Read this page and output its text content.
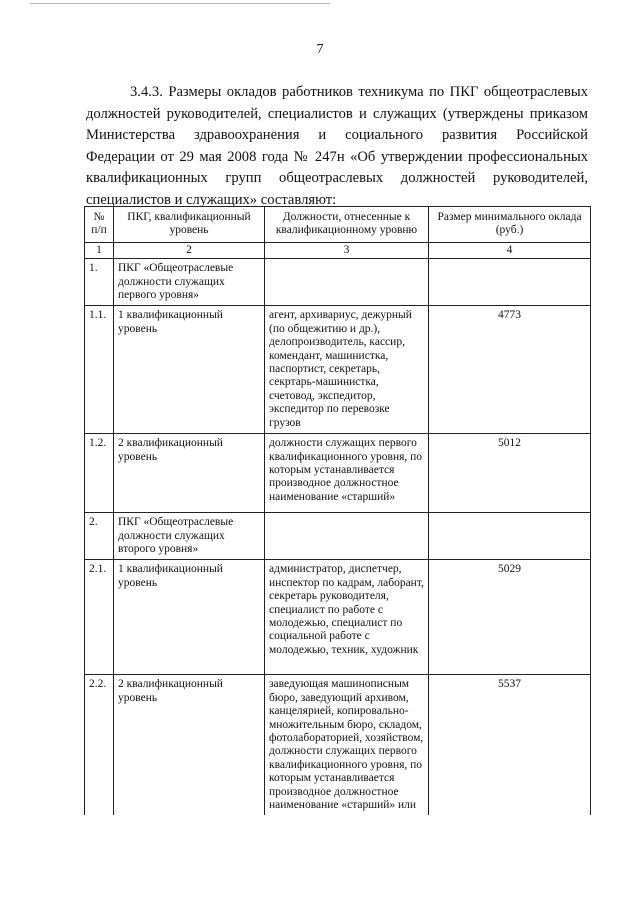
7

3.4.3. Размеры окладов работников техникума по ПКГ общеотраслевых
должностей руководителей, специалистов и служащих (утверждены приказом
Министерства здравоохранения и социального развития Российской
Федерации от 29 мая 2008 года № 247н «Об утверждении профессиональных
квалификационных групп общеотраслевых должностей руководителей,
специалистов и служащих» составляют:

№ п/п	ПКГ, квалификационный уровень	Должности, отнесенные к квалификационному уровню	Размер минимального оклада (руб.)
1	2	3	4
1.	ПКГ «Общеотраслевые должности служащих первого уровня»		
1.1.	1 квалификационный уровень	агент, архивариус, дежурный (по общежитию и др.), делопроизводитель, кассир, комендант, машинистка, паспортист, секретарь, секртарь-машинистка, счетовод, экспедитор, экспедитор по перевозке грузов	4773
1.2.	2 квалификационный уровень	должности служащих первого квалификационного уровня, по которым устанавливается производное должностное наименование «старший»	5012
2.	ПКГ «Общеотраслевые должности служащих второго уровня»		
2.1.	1 квалификационный уровень	администратор, диспетчер, инспектор по кадрам, лаборант, секретарь руководителя, специалист по работе с молодежью, специалист по социальной работе с молодежью, техник, художник	5029
2.2.	2 квалификационный уровень	заведующая машинописным бюро, заведующий архивом, канцелярией, копировально-множительным бюро, складом, фотолабораторией, хозяйством, должности служащих первого квалификационного уровня, по которым устанавливается производное должностное наименование «старший» или	5537
